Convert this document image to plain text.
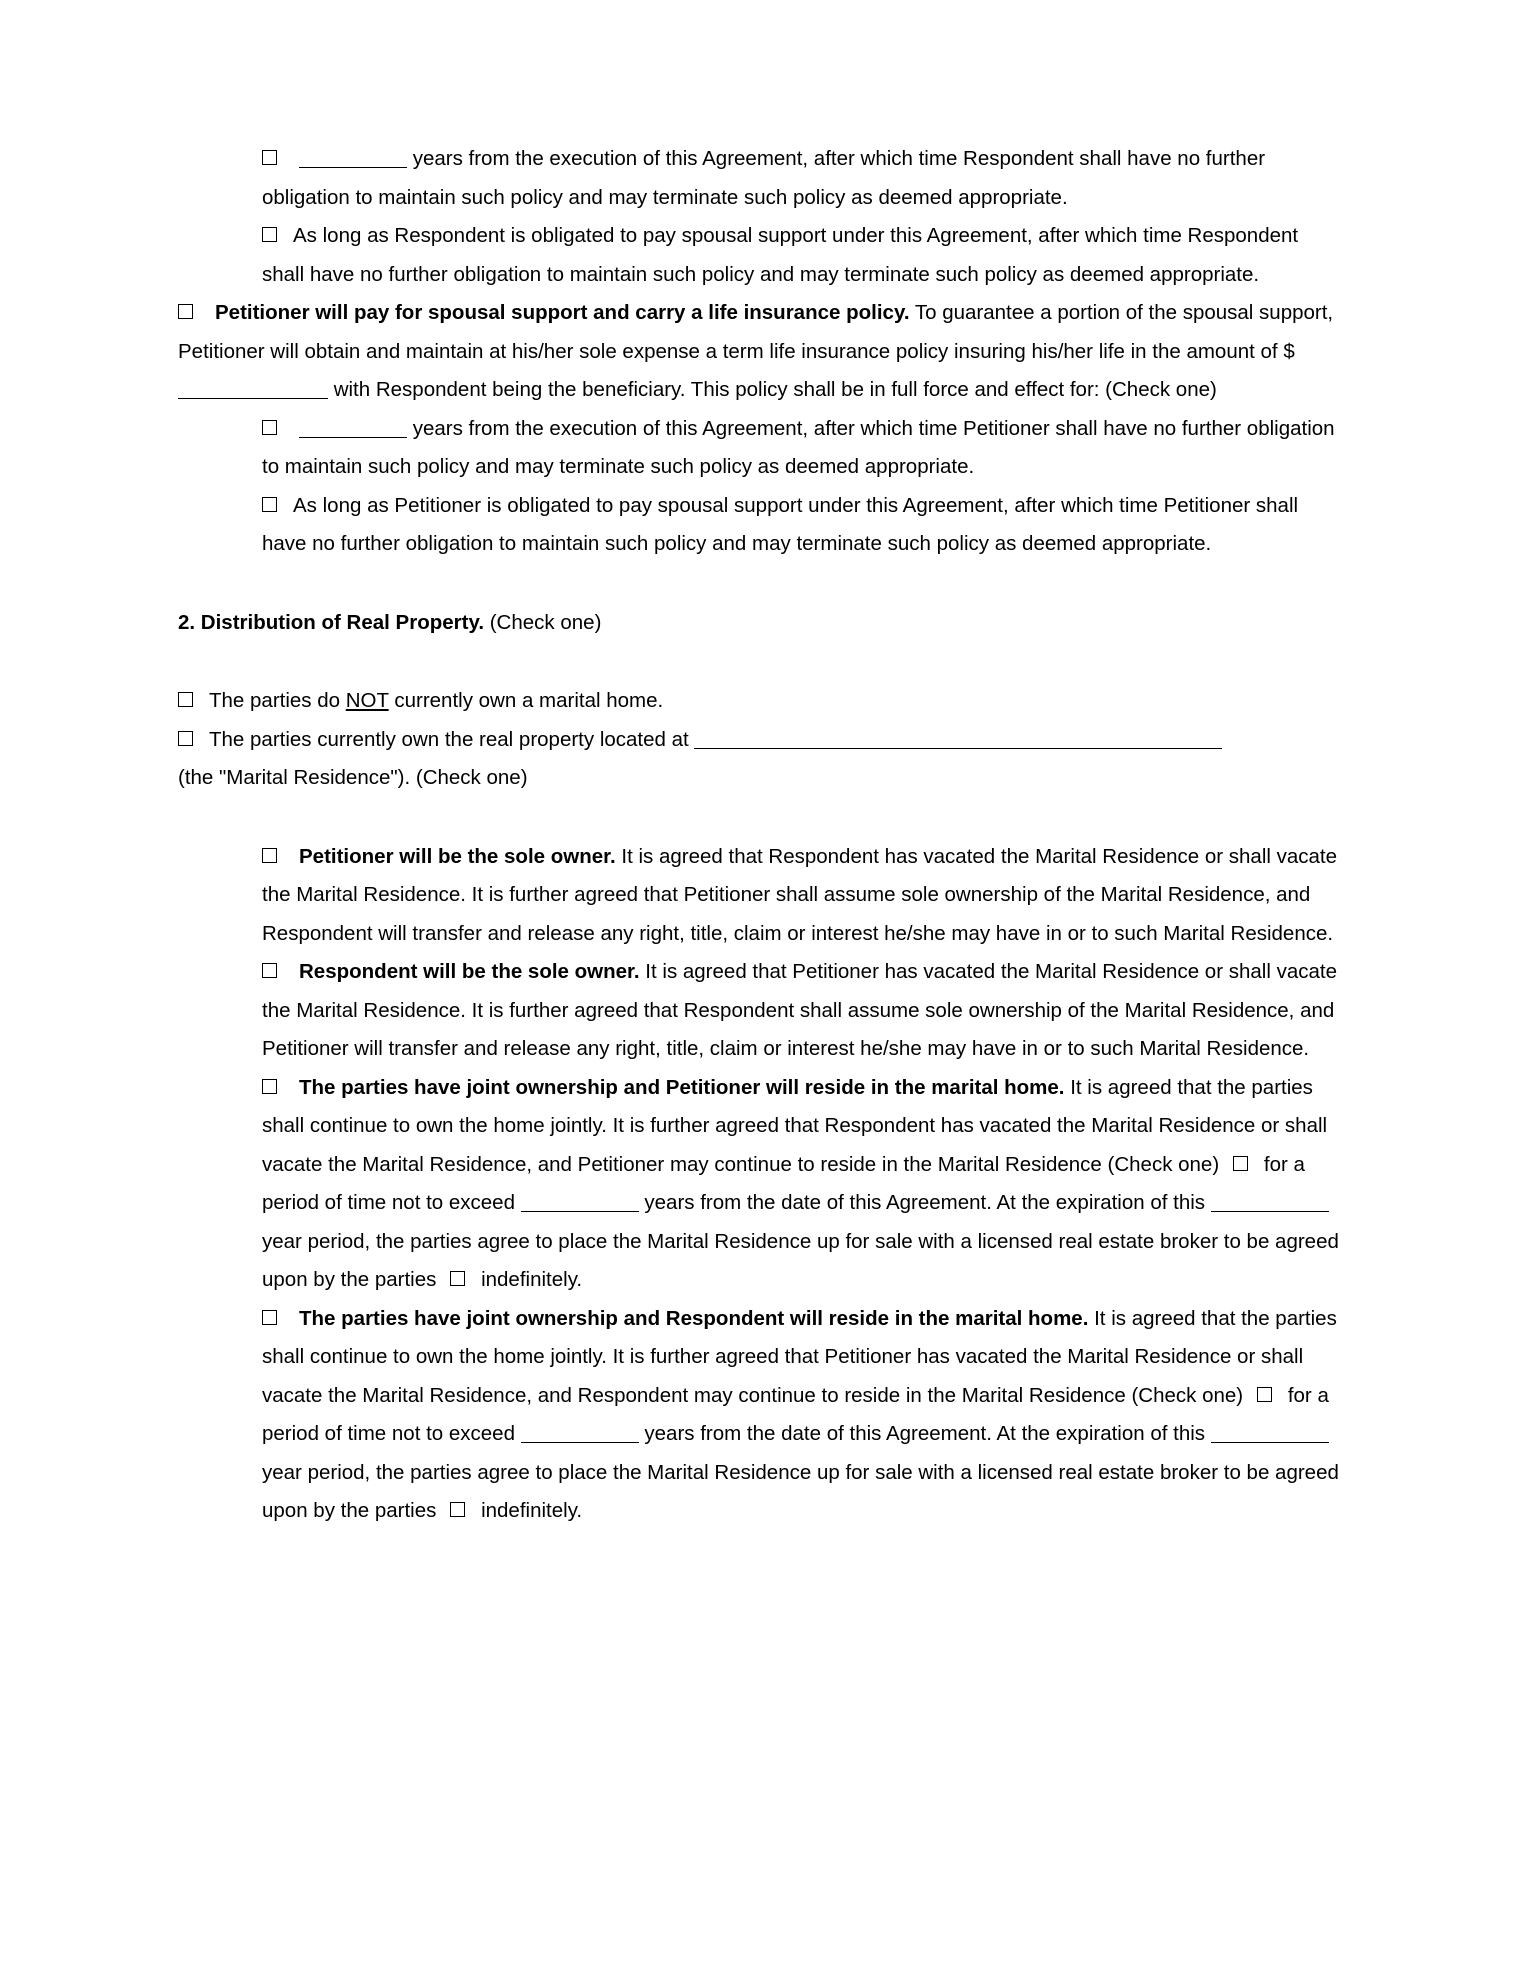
years from the execution of this Agreement, after which time Respondent shall have no further obligation to maintain such policy and may terminate such policy as deemed appropriate.

As long as Respondent is obligated to pay spousal support under this Agreement, after which time Respondent shall have no further obligation to maintain such policy and may terminate such policy as deemed appropriate.

Petitioner will pay for spousal support and carry a life insurance policy. To guarantee a portion of the spousal support, Petitioner will obtain and maintain at his/her sole expense a term life insurance policy insuring his/her life in the amount of $ with Respondent being the beneficiary. This policy shall be in full force and effect for: (Check one)

years from the execution of this Agreement, after which time Petitioner shall have no further obligation to maintain such policy and may terminate such policy as deemed appropriate.

As long as Petitioner is obligated to pay spousal support under this Agreement, after which time Petitioner shall have no further obligation to maintain such policy and may terminate such policy as deemed appropriate.

2. Distribution of Real Property. (Check one)

The parties do NOT currently own a marital home.

The parties currently own the real property located at

(the "Marital Residence"). (Check one)

Petitioner will be the sole owner. It is agreed that Respondent has vacated the Marital Residence or shall vacate the Marital Residence. It is further agreed that Petitioner shall assume sole ownership of the Marital Residence, and Respondent will transfer and release any right, title, claim or interest he/she may have in or to such Marital Residence.

Respondent will be the sole owner. It is agreed that Petitioner has vacated the Marital Residence or shall vacate the Marital Residence. It is further agreed that Respondent shall assume sole ownership of the Marital Residence, and Petitioner will transfer and release any right, title, claim or interest he/she may have in or to such Marital Residence.

The parties have joint ownership and Petitioner will reside in the marital home. It is agreed that the parties shall continue to own the home jointly. It is further agreed that Respondent has vacated the Marital Residence or shall vacate the Marital Residence, and Petitioner may continue to reside in the Marital Residence (Check one) for a period of time not to exceed	years from the date of this Agreement. At the expiration of this  year period, the parties agree to place the Marital Residence up for sale with a licensed real estate broker to be agreed upon by the parties indefinitely.

The parties have joint ownership and Respondent will reside in the marital home. It is agreed that the parties shall continue to own the home jointly. It is further agreed that Petitioner has vacated the Marital Residence or shall vacate the Marital Residence, and Respondent may continue to reside in the Marital Residence (Check one) for a period of time not to exceed	years from the date of this Agreement. At the expiration of this  year period, the parties agree to place the Marital Residence up for sale with a licensed real estate broker to be agreed upon by the parties indefinitely.
